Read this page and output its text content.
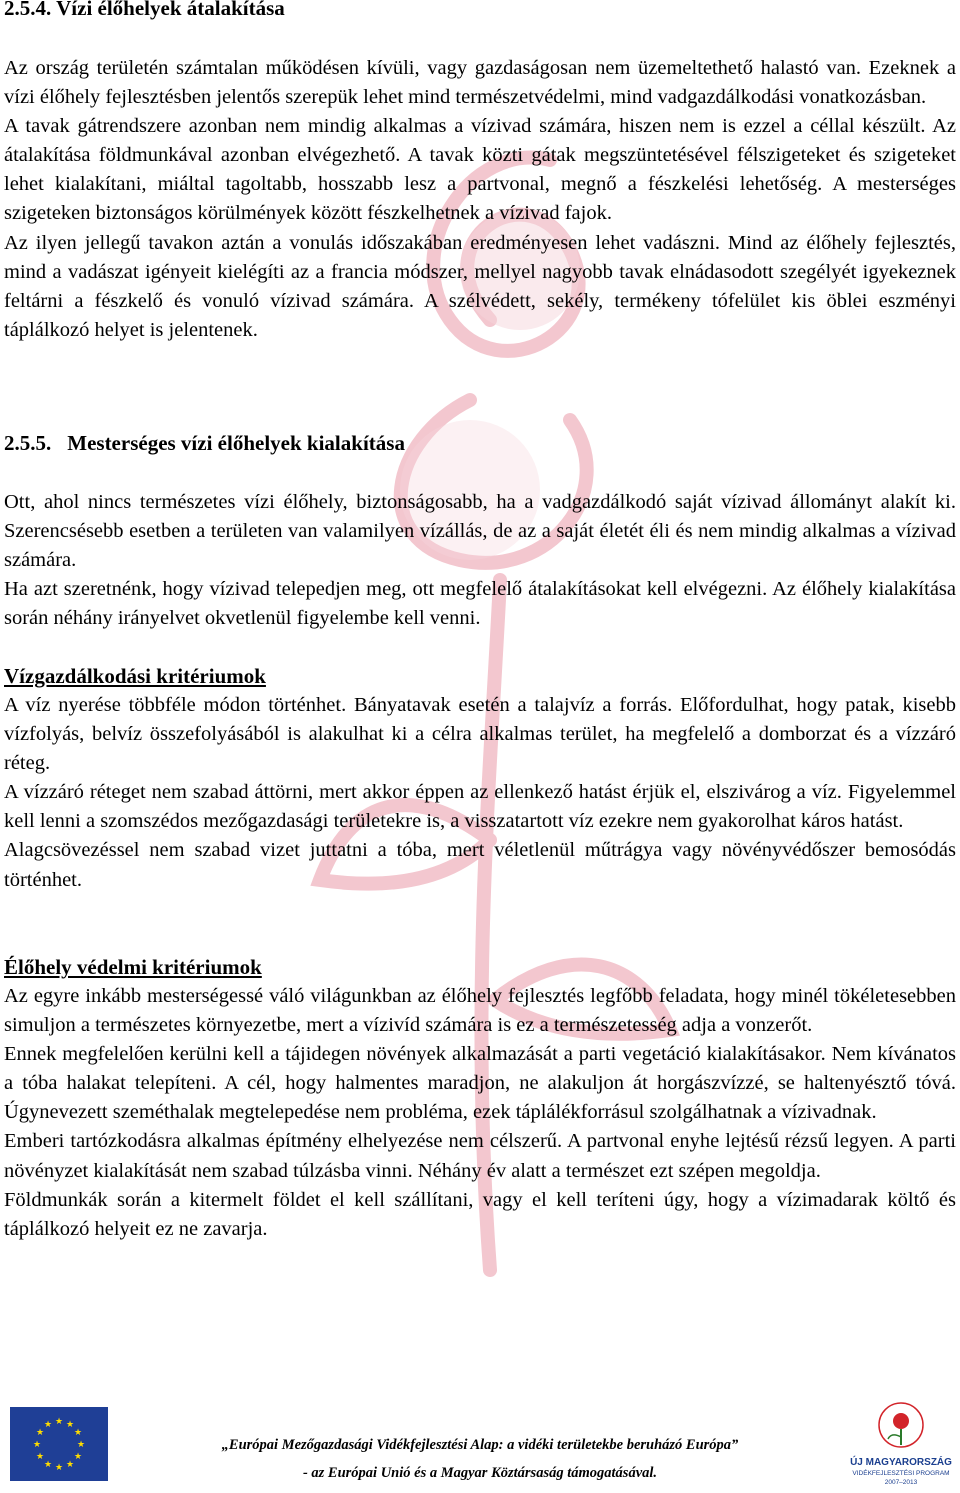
2.5.4. Vízi élőhelyek átalakítása

Az ország területén számtalan működésen kívüli, vagy gazdaságosan nem üzemeltethető halastó van. Ezeknek a vízi élőhely fejlesztésben jelentős szerepük lehet mind természetvédelmi, mind vadgazdálkodási vonatkozásban.

A tavak gátrendszere azonban nem mindig alkalmas a vízivad számára, hiszen nem is ezzel a céllal készült. Az átalakítása földmunkával azonban elvégezhető. A tavak közti gátak megszüntetésével félszigeteket és szigeteket lehet kialakítani, miáltal tagoltabb, hosszabb lesz a partvonal, megnő a fészkelési lehetőség. A mesterséges szigeteken biztonságos körülmények között fészkelhetnek a vízivad fajok.

Az ilyen jellegű tavakon aztán a vonulás időszakában eredményesen lehet vadászni. Mind az élőhely fejlesztés, mind a vadászat igényeit kielégíti az a francia módszer, mellyel nagyobb tavak elnádasodott szegélyét igyekeznek feltárni a fészkelő és vonuló vízivad számára. A szélvédett, sekély, termékeny tófelület kis öblei eszményi táplálkozó helyet is jelentenek.

2.5.5. Mesterséges vízi élőhelyek kialakítása

Ott, ahol nincs természetes vízi élőhely, biztonságosabb, ha a vadgazdálkodó saját vízivad állományt alakít ki. Szerencsésebb esetben a területen van valamilyen vízállás, de az a saját életét éli és nem mindig alkalmas a vízivad számára.

Ha azt szeretnénk, hogy vízivad telepedjen meg, ott megfelelő átalakításokat kell elvégezni. Az élőhely kialakítása során néhány irányelvet okvetlenül figyelembe kell venni.

Vízgazdálkodási kritériumok

A víz nyerése többféle módon történhet. Bányatavak esetén a talajvíz a forrás. Előfordulhat, hogy patak, kisebb vízfolyás, belvíz összefolyásából is alakulhat ki a célra alkalmas terület, ha megfelelő a domborzat és a vízzáró réteg.

A vízzáró réteget nem szabad áttörni, mert akkor éppen az ellenkező hatást érjük el, elszivárog a víz. Figyelemmel kell lenni a szomszédos mezőgazdasági területekre is, a visszatartott víz ezekre nem gyakorolhat káros hatást.

Alagcsövezéssel nem szabad vizet juttatni a tóba, mert véletlenül műtrágya vagy növényvédőszer bemosódás történhet.

Élőhely védelmi kritériumok

Az egyre inkább mesterségessé váló világunkban az élőhely fejlesztés legfőbb feladata, hogy minél tökéletesebben simuljon a természetes környezetbe, mert a vízivíd számára is ez a természetesség adja a vonzerőt.

Ennek megfelelően kerülni kell a tájidegen növények alkalmazását a parti vegetáció kialakításakor. Nem kívánatos a tóba halakat telepíteni. A cél, hogy halmentes maradjon, ne alakuljon át horgászvízzé, se haltenyésztő tóvá. Úgynevezett szeméthalak megtelepedése nem probléma, ezek táplálékforrásul szolgálhatnak a vízivadnak.

Emberi tartózkodásra alkalmas építmény elhelyezése nem célszerű. A partvonal enyhe lejtésű rézsű legyen. A parti növényzet kialakítását nem szabad túlzásba vinni. Néhány év alatt a természet ezt szépen megoldja.

Földmunkák során a kitermelt földet el kell szállítani, vagy el kell teríteni úgy, hogy a vízimadarak költő és táplálkozó helyeit ez ne zavarja.

★ ★
★
★
★
★
★
★
★
★
★
★
„Európai Mezőgazdasági Vidékfejlesztési Alap: a vidéki területekbe beruházó Európa”
- az Európai Unió és a Magyar Köztársaság támogatásával.
ÚJ MAGYARORSZÁG
VIDÉKFEJLESZTÉSI PROGRAM
2007–2013
